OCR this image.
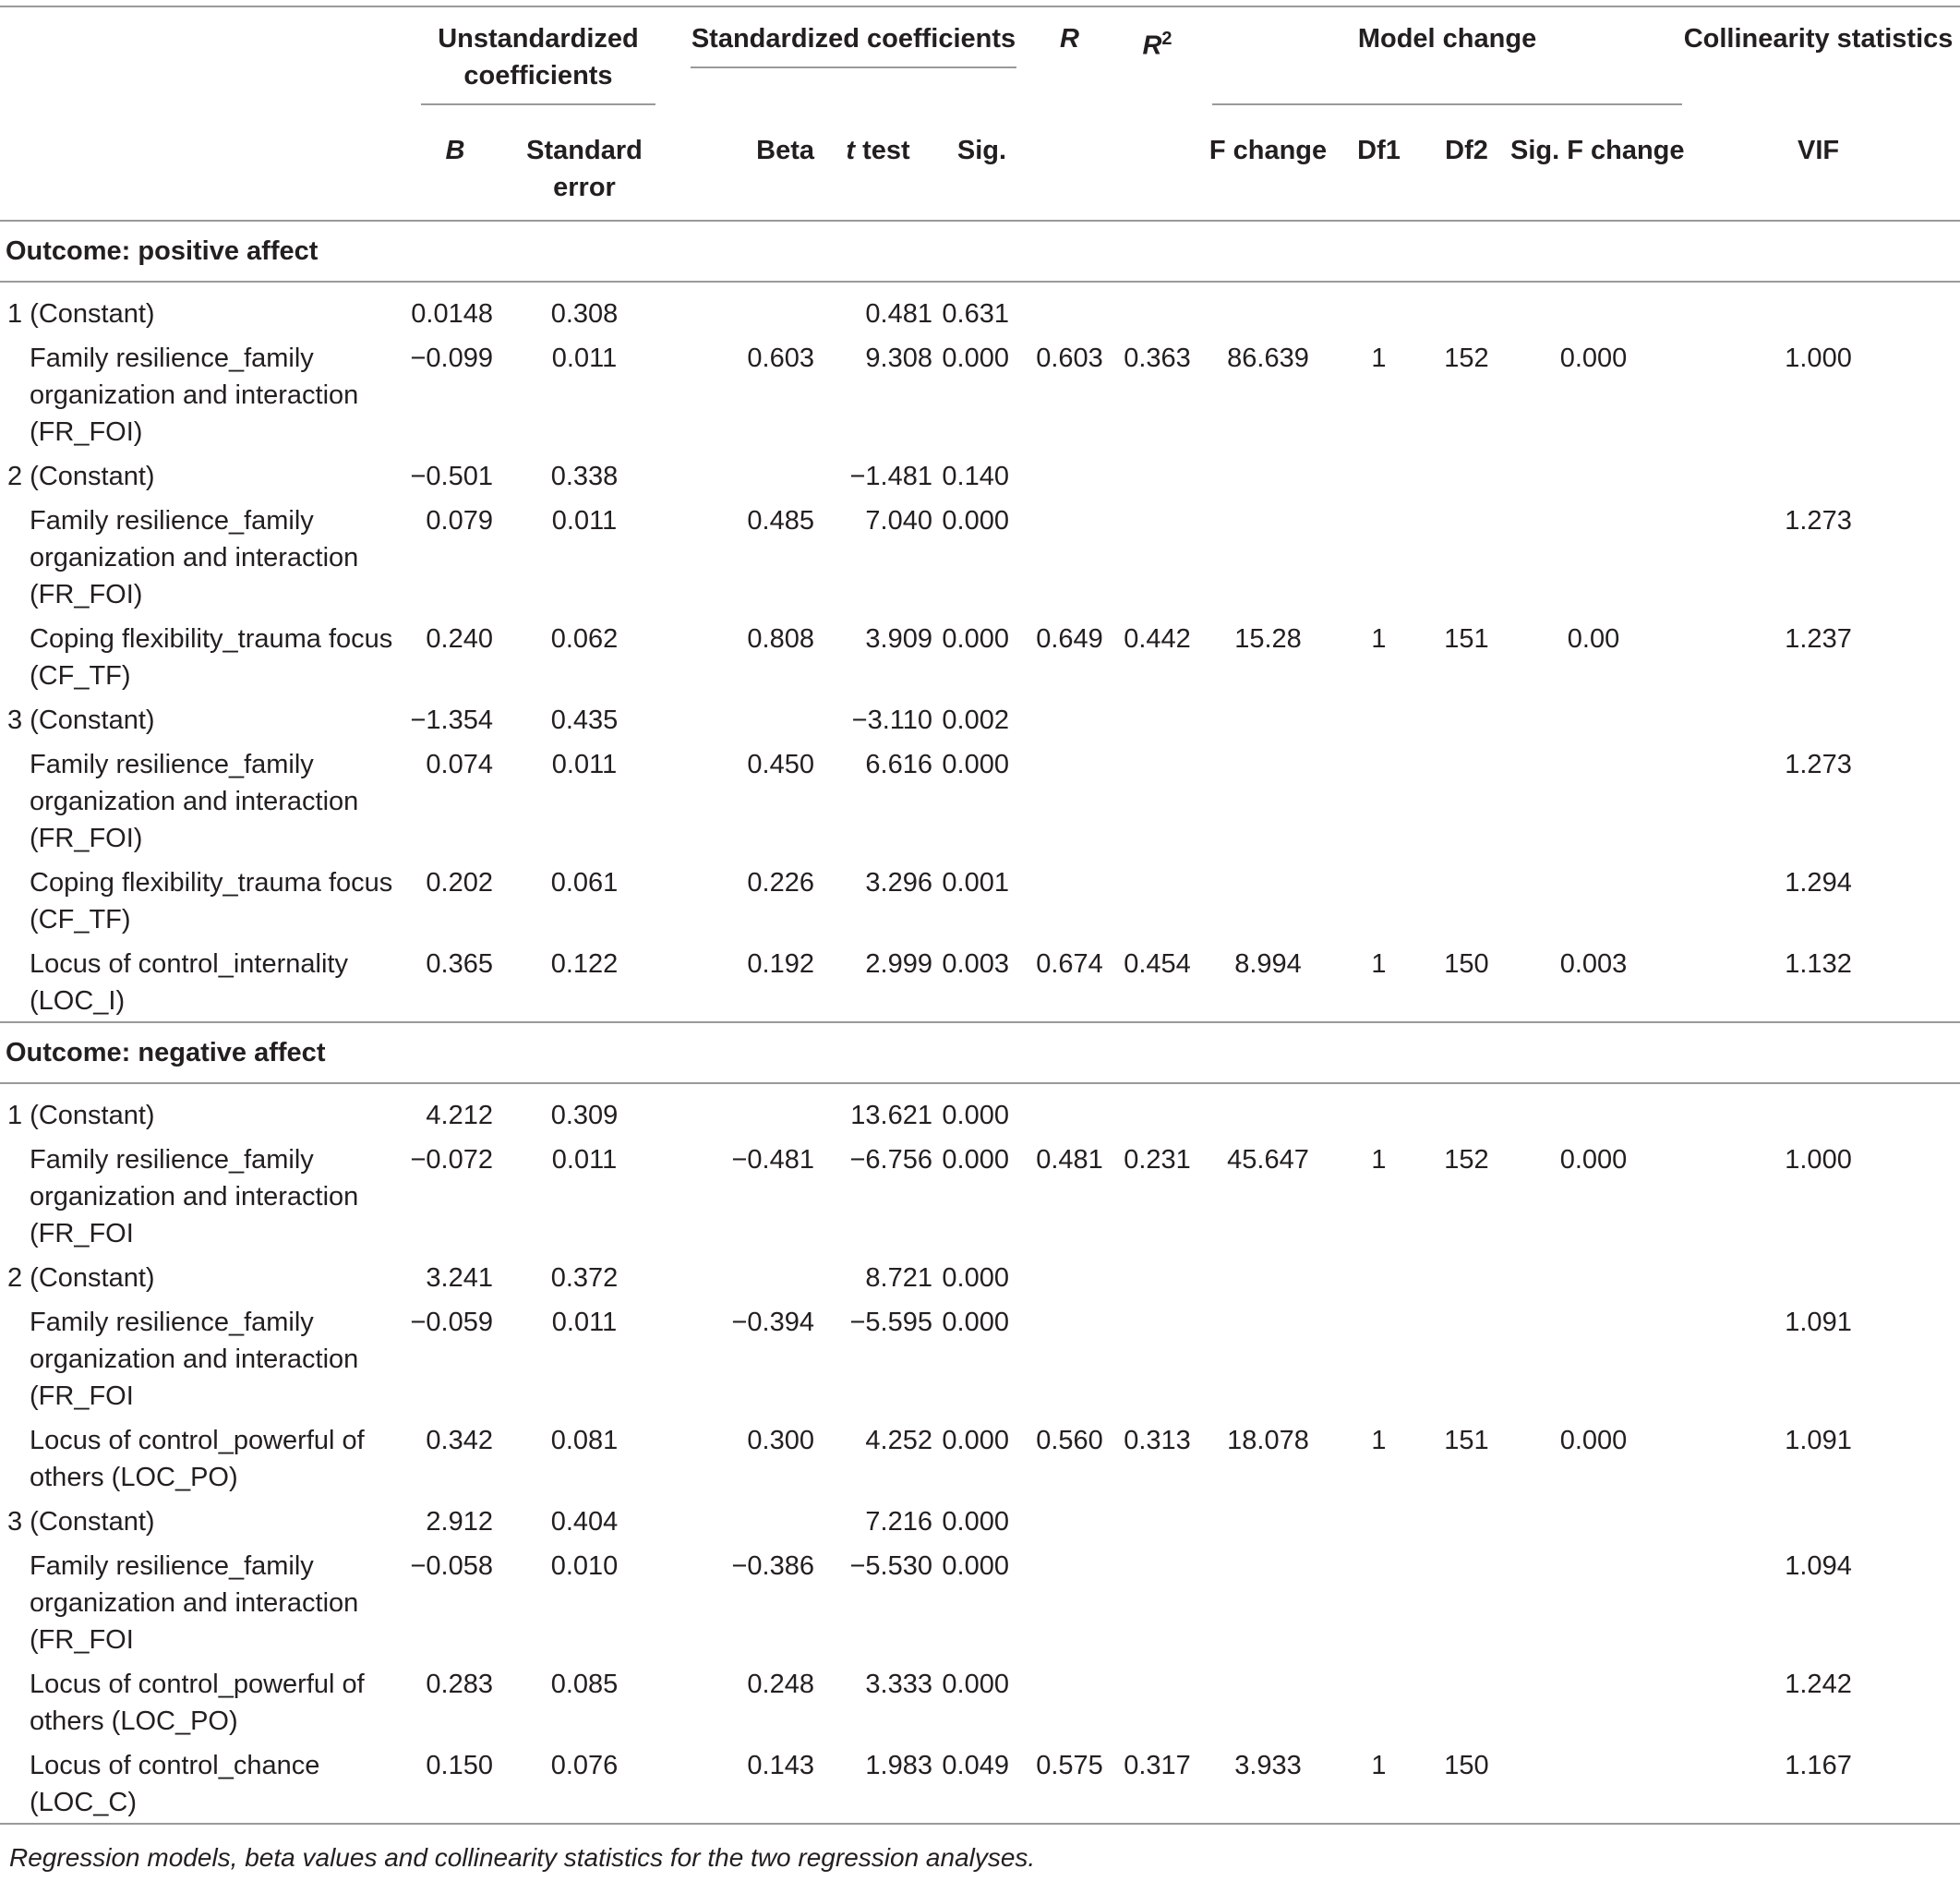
	Unstandardized coefficients		Standardized coefficients			R	$R^2$	Model change				Collinearity statistics
	B	Standard error	Beta	t test	Sig.			F change	Df1	Df2	Sig. F change	VIF
Outcome: positive affect												
1 (Constant)	0.0148	0.308		0.481	0.631							
Family resilience_family organization and interaction (FR_FOI)	−0.099	0.011	0.603	9.308	0.000	0.603	0.363	86.639	1	152	0.000	1.000
2 (Constant)	−0.501	0.338		−1.481	0.140							
Family resilience_family organization and interaction (FR_FOI)	0.079	0.011	0.485	7.040	0.000							1.273
Coping flexibility_trauma focus (CF_TF)	0.240	0.062	0.808	3.909	0.000	0.649	0.442	15.28	1	151	0.00	1.237
3 (Constant)	−1.354	0.435		−3.110	0.002							
Family resilience_family organization and interaction (FR_FOI)	0.074	0.011	0.450	6.616	0.000							1.273
Coping flexibility_trauma focus (CF_TF)	0.202	0.061	0.226	3.296	0.001							1.294
Locus of control_internality (LOC_I)	0.365	0.122	0.192	2.999	0.003	0.674	0.454	8.994	1	150	0.003	1.132
Outcome: negative affect												
1 (Constant)	4.212	0.309		13.621	0.000							
Family resilience_family organization and interaction (FR_FOI	−0.072	0.011	−0.481	−6.756	0.000	0.481	0.231	45.647	1	152	0.000	1.000
2 (Constant)	3.241	0.372		8.721	0.000							
Family resilience_family organization and interaction (FR_FOI	−0.059	0.011	−0.394	−5.595	0.000							1.091
Locus of control_powerful of others (LOC_PO)	0.342	0.081	0.300	4.252	0.000	0.560	0.313	18.078	1	151	0.000	1.091
3 (Constant)	2.912	0.404		7.216	0.000							
Family resilience_family organization and interaction (FR_FOI	−0.058	0.010	−0.386	−5.530	0.000							1.094
Locus of control_powerful of others (LOC_PO)	0.283	0.085	0.248	3.333	0.000							1.242
Locus of control_chance (LOC_C)	0.150	0.076	0.143	1.983	0.049	0.575	0.317	3.933	1	150		1.167
Regression models, beta values and collinearity statistics for the two regression analyses.
